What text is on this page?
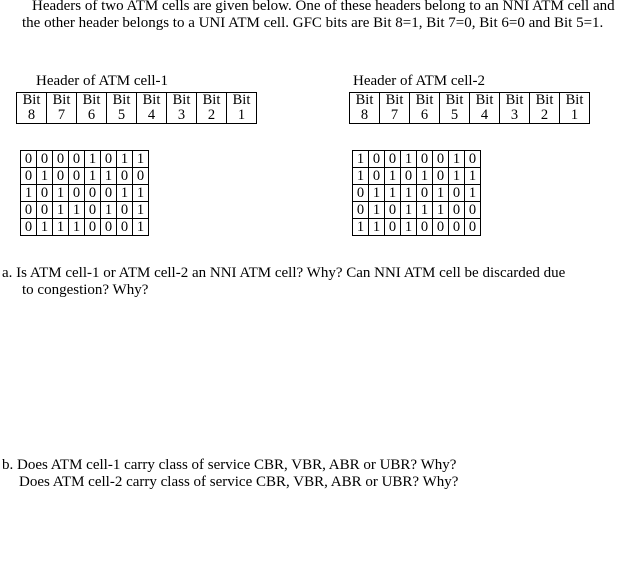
Headers of two ATM cells are given below. One of these headers belong to an NNI ATM cell and the other header belongs to a UNI ATM cell. GFC bits are Bit 8=1, Bit 7=0, Bit 6=0 and Bit 5=1.
Header of ATM cell-1	Header of ATM cell-2
Bit	Bit	Bit	Bit	Bit	Bit	Bit	Bit
8	7	6	5	4	3	2	1
Bit	Bit	Bit	Bit	Bit	Bit	Bit	Bit
8	7	6	5	4	3	2	1
0	0	0	0	1	0	1	1
0	1	0	0	1	1	0	0
1	0	1	0	0	0	1	1
0	0	1	1	0	1	0	1
0	1	1	1	0	0	0	1
1	0	0	1	0	0	1	0
1	0	1	0	1	0	1	1
0	1	1	1	0	1	0	1
0	1	0	1	1	1	0	0
1	1	0	1	0	0	0	0
a. Is ATM cell-1 or ATM cell-2 an NNI ATM cell? Why? Can NNI ATM cell be discarded due
to congestion? Why?
b. Does ATM cell-1 carry class of service CBR, VBR, ABR or UBR? Why?
Does ATM cell-2 carry class of service CBR, VBR, ABR or UBR? Why?
